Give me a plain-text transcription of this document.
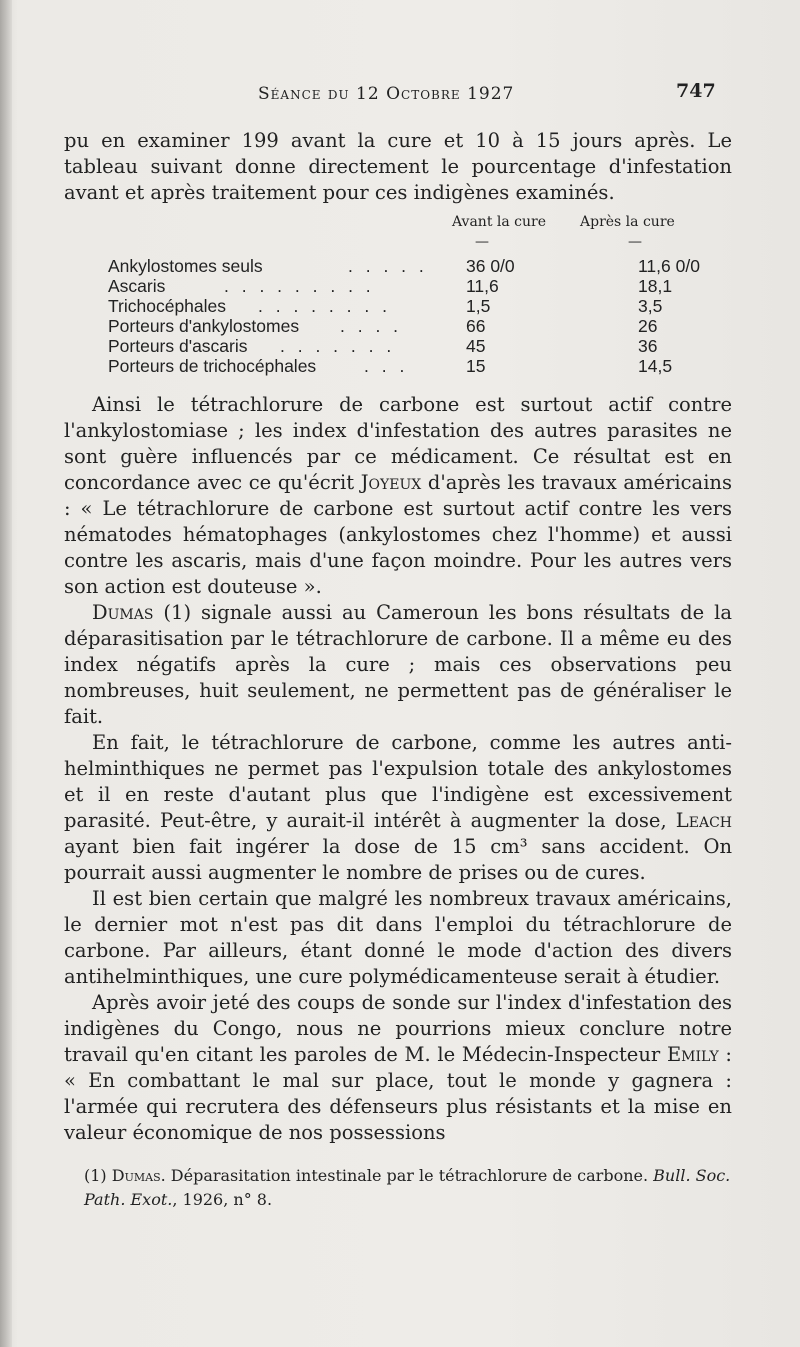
Séance du 12 Octobre 1927	747

pu en examiner 199 avant la cure et 10 à 15 jours après. Le tableau suivant donne directement le pourcentage d'infestation avant et après traitement pour ces indigènes examinés.

Avant la cure Après la cure
—	—
Ankylostomes seuls	. . . . . 36 0/0	11,6 0/0
Ascaris	. . . . . . . . .	11,6	18,1
Trichocéphales . . . . . . . .	1,5	3,5
Porteurs d'ankylostomes . . . .	66	26
Porteurs d'ascaris . . . . . . .	45	36
Porteurs de trichocéphales	. . .	15	14,5

Ainsi le tétrachlorure de carbone est surtout actif contre l'ankylostomiase ; les index d'infestation des autres parasites ne sont guère influencés par ce médicament. Ce résultat est en concordance avec ce qu'écrit Joyeux d'après les travaux américains : « Le tétrachlorure de carbone est surtout actif contre les vers nématodes hématophages (ankylostomes chez l'homme) et aussi contre les ascaris, mais d'une façon moindre. Pour les autres vers son action est douteuse ».

Dumas (1) signale aussi au Cameroun les bons résultats de la déparasitisation par le tétrachlorure de carbone. Il a même eu des index négatifs après la cure ; mais ces observations peu nombreuses, huit seulement, ne permettent pas de généraliser le fait.

En fait, le tétrachlorure de carbone, comme les autres anti-helminthiques ne permet pas l'expulsion totale des ankylostomes et il en reste d'autant plus que l'indigène est excessivement parasité. Peut-être, y aurait-il intérêt à augmenter la dose, Leach ayant bien fait ingérer la dose de 15 cm³ sans accident. On pourrait aussi augmenter le nombre de prises ou de cures.

Il est bien certain que malgré les nombreux travaux américains, le dernier mot n'est pas dit dans l'emploi du tétrachlorure de carbone. Par ailleurs, étant donné le mode d'action des divers antihelminthiques, une cure polymédicamenteuse serait à étudier.

Après avoir jeté des coups de sonde sur l'index d'infestation des indigènes du Congo, nous ne pourrions mieux conclure notre travail qu'en citant les paroles de M. le Médecin-Inspecteur Emily : « En combattant le mal sur place, tout le monde y gagnera : l'armée qui recrutera des défenseurs plus résistants et la mise en valeur économique de nos possessions

(1) Dumas. Déparasitation intestinale par le tétrachlorure de carbone. Bull. Soc. Path. Exot., 1926, n° 8.
